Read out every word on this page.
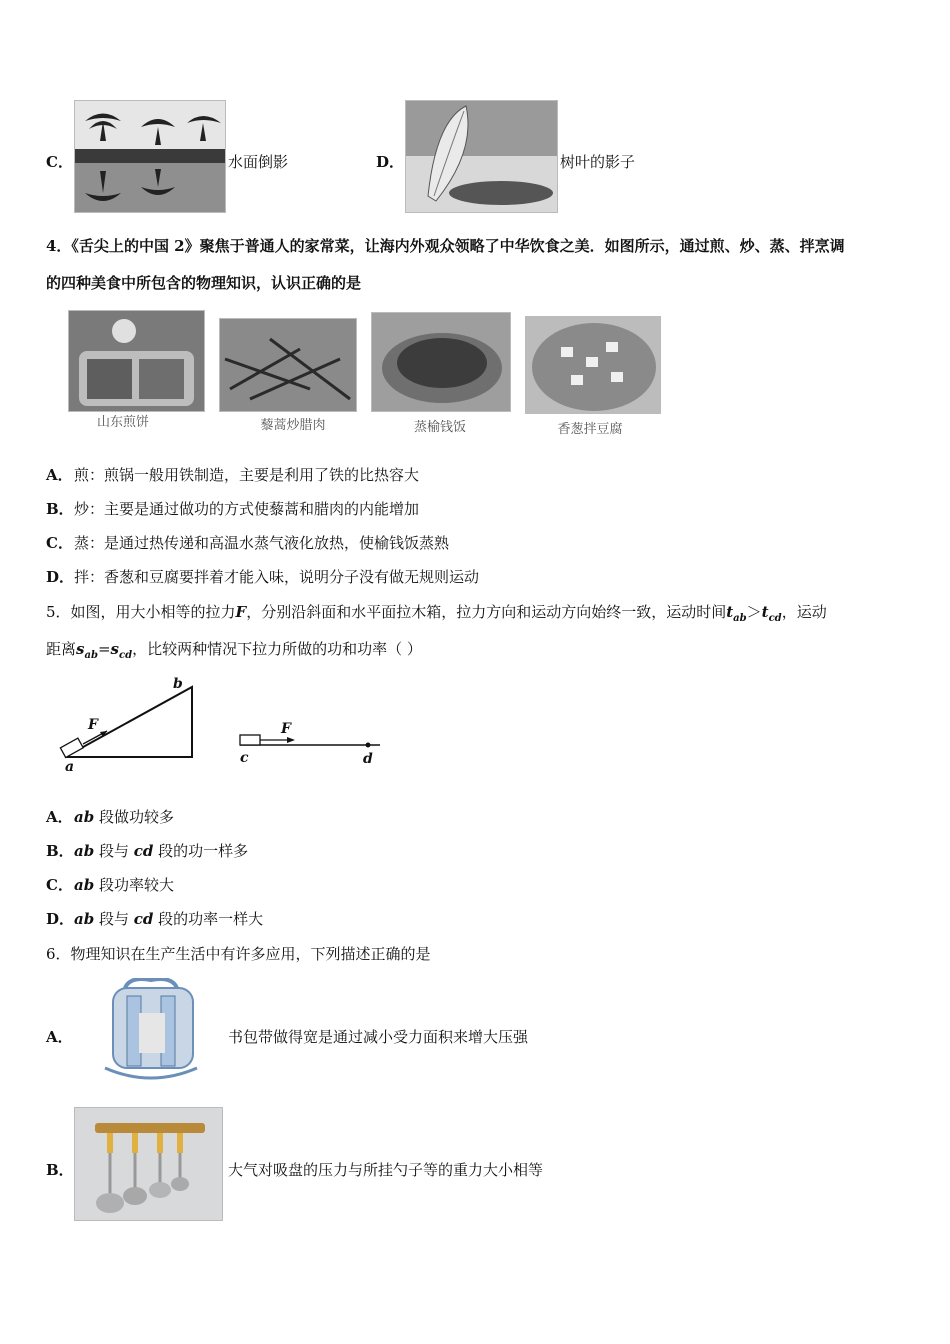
C．	水面倒影	D．	树叶的影子
4．《舌尖上的中国 2》聚焦于普通人的家常菜，让海内外观众领略了中华饮食之美．如图所示，通过煎、炒、蒸、拌烹调
的四种美食中所包含的物理知识，认识正确的是
山东煎饼	藜蒿炒腊肉	蒸榆钱饭	香葱拌豆腐
A． 煎：煎锅一般用铁制造，主要是利用了铁的比热容大
B． 炒：主要是通过做功的方式使藜蒿和腊肉的内能增加
C． 蒸：是通过热传递和高温水蒸气液化放热，使榆钱饭蒸熟
D． 拌：香葱和豆腐要拌着才能入味，说明分子没有做无规则运动
5．如图，用大小相等的拉力F，分别沿斜面和水平面拉木箱，拉力方向和运动方向始终一致，运动时间$t_{ab}>t_{cd}$，运动
距离$s_{ab}=s_{cd}$，比较两种情况下拉力所做的功和功率（ ）
F
a
b
F
c	d
A． ab 段做功较多
B． ab 段与 cd 段的功一样多
C． ab 段功率较大
D． ab 段与 cd 段的功率一样大
6．物理知识在生产生活中有许多应用，下列描述正确的是
A．	书包带做得宽是通过减小受力面积来增大压强
B．	大气对吸盘的压力与所挂勺子等的重力大小相等
